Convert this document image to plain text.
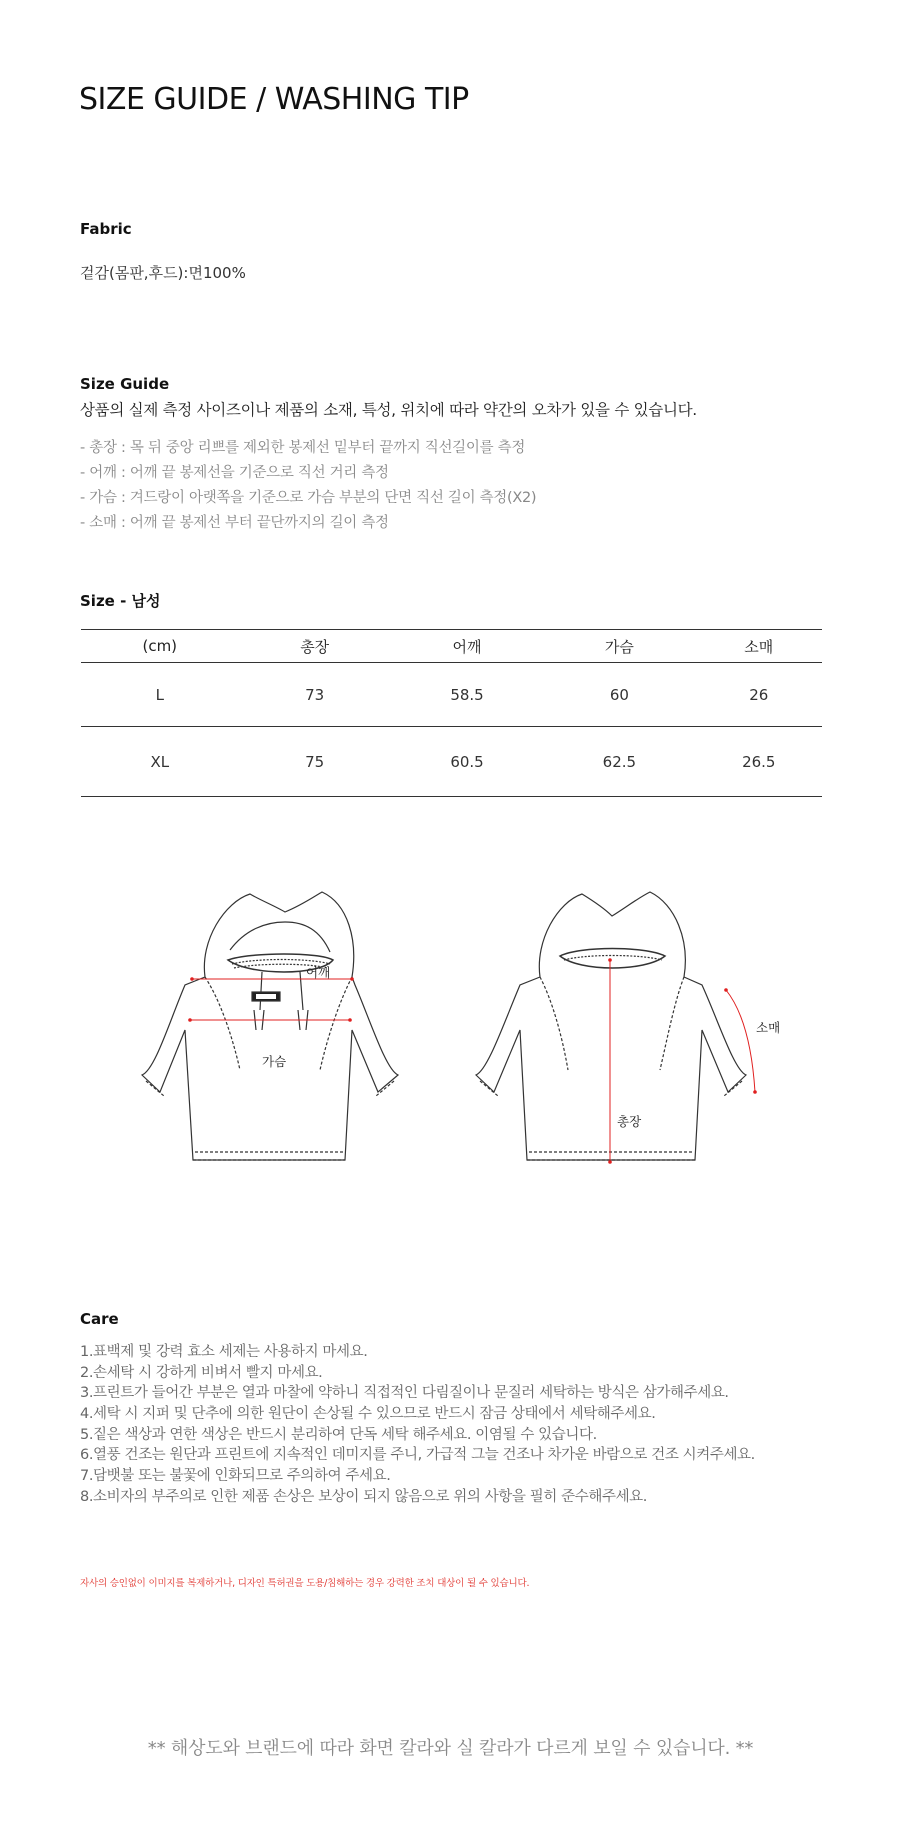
SIZE GUIDE / WASHING TIP
Fabric
겉감(몸판,후드):면100%
Size Guide
상품의 실제 측정 사이즈이나 제품의 소재, 특성, 위치에 따라 약간의 오차가 있을 수 있습니다.
- 총장 : 목 뒤 중앙 리쁘를 제외한 봉제선 밑부터 끝까지 직선길이를 측정
- 어깨 : 어깨 끝 봉제선을 기준으로 직선 거리 측정
- 가슴 : 겨드랑이 아랫쪽을 기준으로 가슴 부분의 단면 직선 길이 측정(X2)
- 소매 : 어깨 끝 봉제선 부터 끝단까지의 길이 측정
Size - 남성
(cm)	총장	어깨	가슴	소매
L	73	58.5	60	26
XL	75	60.5	62.5	26.5
어깨
가슴
소매
총장
Care
1.표백제 및 강력 효소 세제는 사용하지 마세요.
2.손세탁 시 강하게 비벼서 빨지 마세요.
3.프린트가 들어간 부분은 열과 마찰에 약하니 직접적인 다림질이나 문질러 세탁하는 방식은 삼가해주세요.
4.세탁 시 지퍼 및 단추에 의한 원단이 손상될 수 있으므로 반드시 잠금 상태에서 세탁해주세요.
5.짙은 색상과 연한 색상은 반드시 분리하여 단독 세탁 해주세요. 이염될 수 있습니다.
6.열풍 건조는 원단과 프린트에 지속적인 데미지를 주니, 가급적 그늘 건조나 차가운 바람으로 건조 시켜주세요.
7.담뱃불 또는 불꽃에 인화되므로 주의하여 주세요.
8.소비자의 부주의로 인한 제품 손상은 보상이 되지 않음으로 위의 사항을 필히 준수해주세요.
자사의 승인없이 이미지를 복제하거나, 디자인 특허권을 도용/침해하는 경우 강력한 조치 대상이 될 수 있습니다.
** 해상도와 브랜드에 따라 화면 칼라와 실 칼라가 다르게 보일 수 있습니다. **
